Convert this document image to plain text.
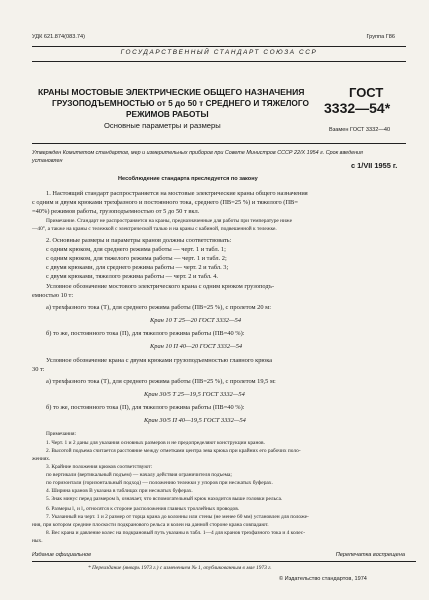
УДК 621.874(083.74)	Группа Г86
ГОСУДАРСТВЕННЫЙ СТАНДАРТ СОЮЗА ССР
КРАНЫ МОСТОВЫЕ ЭЛЕКТРИЧЕСКИЕ ОБЩЕГО НАЗНАЧЕНИЯ
ГРУЗОПОДЪЕМНОСТЬЮ от 5 до 50 т СРЕДНЕГО И ТЯЖЕЛОГО
РЕЖИМОВ РАБОТЫ
Основные параметры и размеры
ГОСТ
3332—54*
Взамен ГОСТ 3332—40
Утвержден Комитетом стандартов, мер и измерительных приборов при Совете Министров СССР 22/X 1954 г. Срок введения
установлен	с 1/VII 1955 г.
Несоблюдение стандарта преследуется по закону
1. Настоящий стандарт распространяется на мостовые электрические краны общего назначения
с одним и двумя крюками трехфазного и постоянного тока, среднего (ПВ=25 %) и тяжелого (ПВ=
=40%) режимов работы, грузоподъемностью от 5 до 50 т вкл.
Примечание. Стандарт не распространяется на краны, предназначенные для работы при температуре ниже
—40°, а также на краны с тележкой с электрической талью и на краны с кабиной, подвешенной к тележке.
2. Основные размеры и параметры кранов должны соответствовать:
с одним крюком, для среднего режима работы — черт. 1 и табл. 1;
с одним крюком, для тяжелого режима работы — черт. 1 и табл. 2;
с двумя крюками, для среднего режима работы — черт. 2 и табл. 3;
с двумя крюками, тяжелого режима работы — черт. 2 и табл. 4.
Условное обозначение мостового электрического крана с одним крюком грузоподъ-
емностью 10 т:
а) трехфазного тока (Т), для среднего режима работы (ПВ=25 %), с пролетом 20 м:
Кран 10 Т 25—20 ГОСТ 3332—54
б) то же, постоянного тока (П), для тяжелого режима работы (ПВ=40 %):
Кран 10 П 40—20 ГОСТ 3332—54
Условное обозначение крана с двумя крюками грузоподъемностью главного крюка
30 т:
а) трехфазного тока (Т), для среднего режима работы (ПВ=25 %), с пролетом 19,5 м:
Кран 30/5 Т 25—19,5 ГОСТ 3332—54
б) то же, постоянного тока (П), для тяжелого режима работы (ПВ=40 %):
Кран 30/5 П 40—19,5 ГОСТ 3332—54
Примечания:
1. Черт. 1 и 2 даны для указания основных размеров и не предопределяют конструкции кранов.
2. Высотой подъема считается расстояние между отметками центра зева крюка при крайних его рабочих поло-
жениях.
3. Крайние положения крюков соответствуют:
по вертикали (вертикальный подъем) — началу действия ограничителя подъема;
по горизонтали (горизонтальный подход) — положению тележки у упоров при несжатых буферах.
4. Ширина кранов В указана в таблицах при несжатых буферах.
5. Знак минус перед размером h, означает, что вспомогательный крюк находится выше головки рельса.
6. Размеры l₁ и l₂ относятся к стороне расположения главных троллейных проводов.
7. Указанный на черт. 1 и 2 размер от торца крана до колонны или стены (не менее 60 мм) установлен для положе-
ния, при котором средние плоскости подкранового рельса и колеи на данной стороне крана совпадают.
8. Вес крана и давление колес на подкрановый путь указаны в табл. 1—4 для кранов трехфазного тока и 4 колес-
ных.
Издание официальное	Перепечатка воспрещена
* Переиздание (январь 1973 г.) с изменением № 1, опубликованным в мае 1973 г.
© Издательство стандартов, 1974
